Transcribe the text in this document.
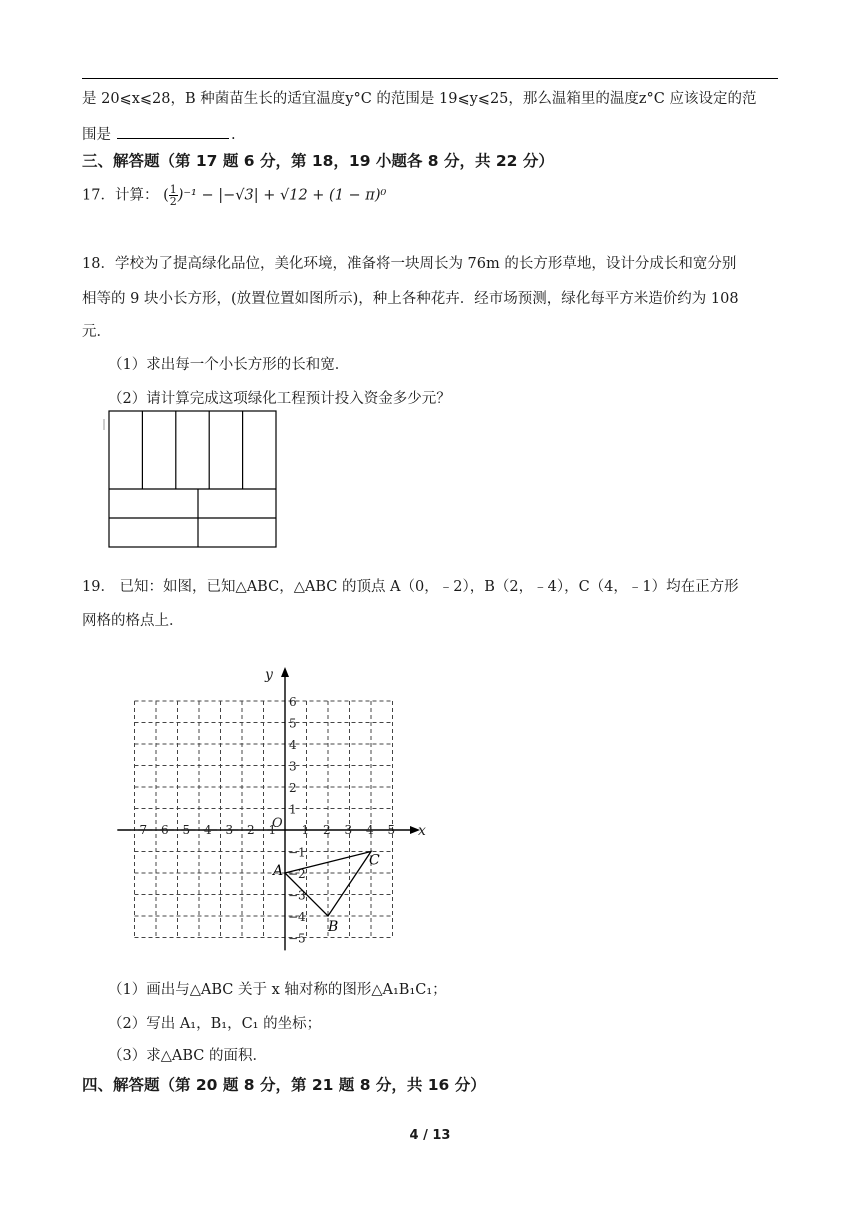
是 20⩽x⩽28，B 种菌苗生长的适宜温度y°C 的范围是 19⩽y⩽25，那么温箱里的温度z°C 应该设定的范
围是	.
三、解答题（第 17 题 6 分，第 18，19 小题各 8 分，共 22 分）
17．计算： ( $\frac{1}{2} )^{-1} - |-√3| + √12 + (1 - \pi)^0$
18．学校为了提高绿化品位，美化环境，准备将一块周长为 76m 的长方形草地，设计分成长和宽分别
相等的 9 块小长方形，(放置位置如图所示)，种上各种花卉．经市场预测，绿化每平方米造价约为 108
元．
（1）求出每一个小长方形的长和宽．
（2）请计算完成这项绿化工程预计投入资金多少元？
19． 已知：如图，已知△ABC，△ABC 的顶点 A（0，﹣2），B（2，﹣4），C（4，﹣1）均在正方形
网格的格点上．
−7 −6 −5 −4 −3 −2 −1 1 2 3 4 5
6
5
4
3
2
1
−1
−2
−3
−4
−5
x
y
O
A
B
C
（1）画出与△ABC 关于 x 轴对称的图形△A₁B₁C₁；
（2）写出 A₁，B₁，C₁ 的坐标；
（3）求△ABC 的面积．
四、解答题（第 20 题 8 分，第 21 题 8 分，共 16 分）
4 / 13
